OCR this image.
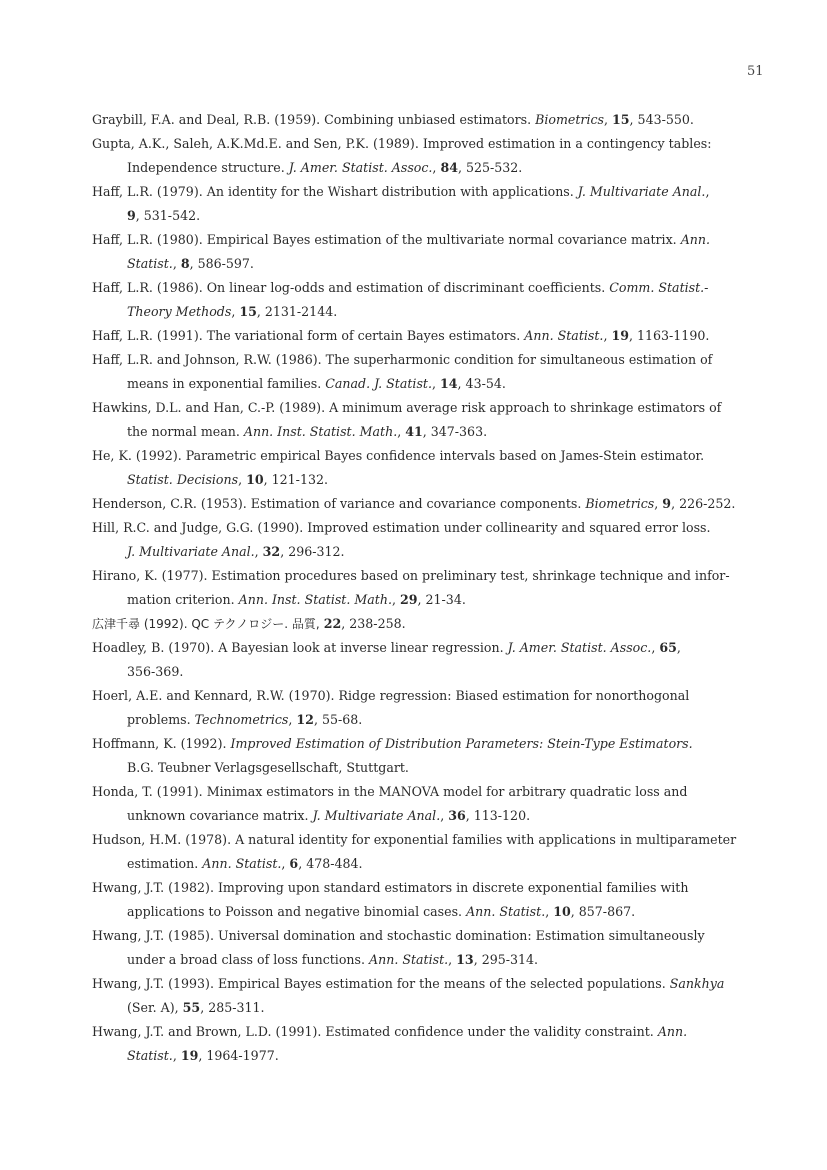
51
Graybill, F.A. and Deal, R.B. (1959). Combining unbiased estimators. Biometrics, 15, 543-550.
Gupta, A.K., Saleh, A.K.Md.E. and Sen, P.K. (1989). Improved estimation in a contingency tables:
Independence structure. J. Amer. Statist. Assoc., 84, 525-532.
Haff, L.R. (1979). An identity for the Wishart distribution with applications. J. Multivariate Anal.,
9, 531-542.
Haff, L.R. (1980). Empirical Bayes estimation of the multivariate normal covariance matrix. Ann.
Statist., 8, 586-597.
Haff, L.R. (1986). On linear log-odds and estimation of discriminant coefficients. Comm. Statist.-
Theory Methods, 15, 2131-2144.
Haff, L.R. (1991). The variational form of certain Bayes estimators. Ann. Statist., 19, 1163-1190.
Haff, L.R. and Johnson, R.W. (1986). The superharmonic condition for simultaneous estimation of
means in exponential families. Canad. J. Statist., 14, 43-54.
Hawkins, D.L. and Han, C.-P. (1989). A minimum average risk approach to shrinkage estimators of
the normal mean. Ann. Inst. Statist. Math., 41, 347-363.
He, K. (1992). Parametric empirical Bayes confidence intervals based on James-Stein estimator.
Statist. Decisions, 10, 121-132.
Henderson, C.R. (1953). Estimation of variance and covariance components. Biometrics, 9, 226-252.
Hill, R.C. and Judge, G.G. (1990). Improved estimation under collinearity and squared error loss.
J. Multivariate Anal., 32, 296-312.
Hirano, K. (1977). Estimation procedures based on preliminary test, shrinkage technique and infor-
mation criterion. Ann. Inst. Statist. Math., 29, 21-34.
広津千尋 (1992). QC テクノロジー. 品質, 22, 238-258.
Hoadley, B. (1970). A Bayesian look at inverse linear regression. J. Amer. Statist. Assoc., 65,
356-369.
Hoerl, A.E. and Kennard, R.W. (1970). Ridge regression: Biased estimation for nonorthogonal
problems. Technometrics, 12, 55-68.
Hoffmann, K. (1992). Improved Estimation of Distribution Parameters: Stein-Type Estimators.
B.G. Teubner Verlagsgesellschaft, Stuttgart.
Honda, T. (1991). Minimax estimators in the MANOVA model for arbitrary quadratic loss and
unknown covariance matrix. J. Multivariate Anal., 36, 113-120.
Hudson, H.M. (1978). A natural identity for exponential families with applications in multiparameter
estimation. Ann. Statist., 6, 478-484.
Hwang, J.T. (1982). Improving upon standard estimators in discrete exponential families with
applications to Poisson and negative binomial cases. Ann. Statist., 10, 857-867.
Hwang, J.T. (1985). Universal domination and stochastic domination: Estimation simultaneously
under a broad class of loss functions. Ann. Statist., 13, 295-314.
Hwang, J.T. (1993). Empirical Bayes estimation for the means of the selected populations. Sankhya
(Ser. A), 55, 285-311.
Hwang, J.T. and Brown, L.D. (1991). Estimated confidence under the validity constraint. Ann.
Statist., 19, 1964-1977.
